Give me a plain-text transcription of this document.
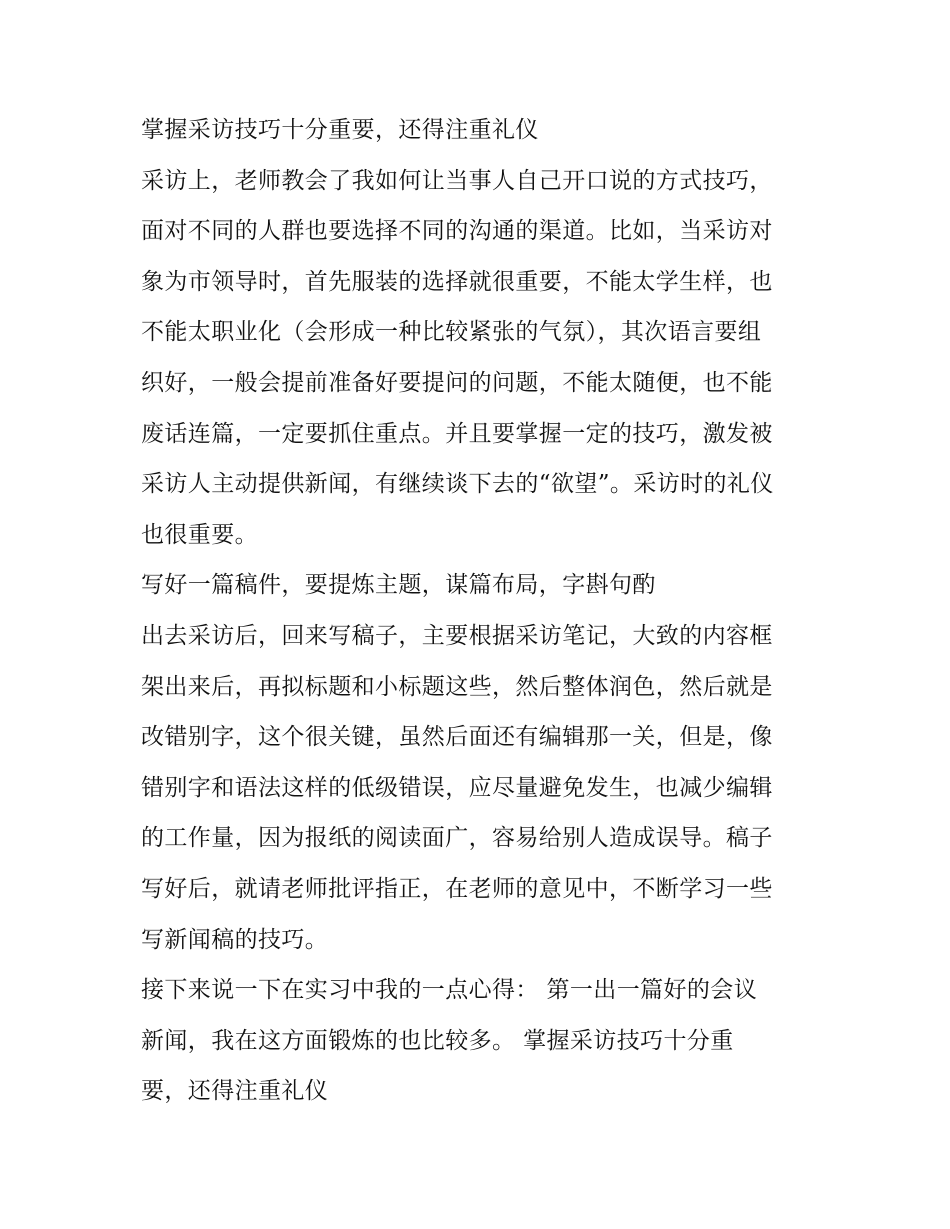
掌握采访技巧十分重要，还得注重礼仪
采访上，老师教会了我如何让当事人自己开口说的方式技巧，
面对不同的人群也要选择不同的沟通的渠道。比如，当采访对
象为市领导时，首先服装的选择就很重要，不能太学生样，也
不能太职业化（会形成一种比较紧张的气氛），其次语言要组
织好，一般会提前准备好要提问的问题，不能太随便，也不能
废话连篇，一定要抓住重点。并且要掌握一定的技巧，激发被
采访人主动提供新闻，有继续谈下去的“欲望”。采访时的礼仪
也很重要。
写好一篇稿件，要提炼主题，谋篇布局，字斟句酌
出去采访后，回来写稿子，主要根据采访笔记，大致的内容框
架出来后，再拟标题和小标题这些，然后整体润色，然后就是
改错别字，这个很关键，虽然后面还有编辑那一关，但是，像
错别字和语法这样的低级错误，应尽量避免发生，也减少编辑
的工作量，因为报纸的阅读面广，容易给别人造成误导。稿子
写好后，就请老师批评指正，在老师的意见中，不断学习一些
写新闻稿的技巧。
接下来说一下在实习中我的一点心得： 第一出一篇好的会议
新闻，我在这方面锻炼的也比较多。 掌握采访技巧十分重
要，还得注重礼仪
